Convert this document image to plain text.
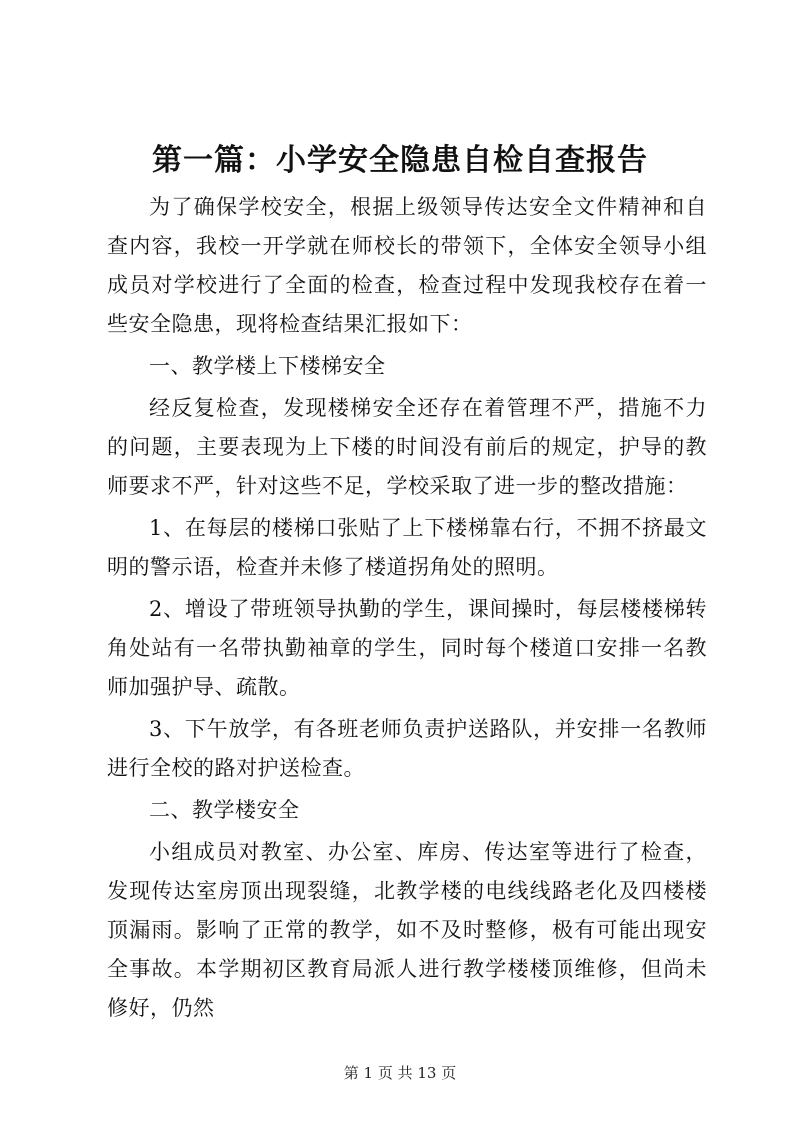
第一篇：小学安全隐患自检自查报告

为了确保学校安全，根据上级领导传达安全文件精神和自查内容，我校一开学就在师校长的带领下，全体安全领导小组成员对学校进行了全面的检查，检查过程中发现我校存在着一些安全隐患，现将检查结果汇报如下：

一、教学楼上下楼梯安全

经反复检查，发现楼梯安全还存在着管理不严，措施不力的问题，主要表现为上下楼的时间没有前后的规定，护导的教师要求不严，针对这些不足，学校采取了进一步的整改措施：

1、在每层的楼梯口张贴了上下楼梯靠右行，不拥不挤最文明的警示语，检查并未修了楼道拐角处的照明。

2、增设了带班领导执勤的学生，课间操时，每层楼楼梯转角处站有一名带执勤袖章的学生，同时每个楼道口安排一名教师加强护导、疏散。

3、下午放学，有各班老师负责护送路队，并安排一名教师进行全校的路对护送检查。

二、教学楼安全

小组成员对教室、办公室、库房、传达室等进行了检查，发现传达室房顶出现裂缝，北教学楼的电线线路老化及四楼楼顶漏雨。影响了正常的教学，如不及时整修，极有可能出现安全事故。本学期初区教育局派人进行教学楼楼顶维修，但尚未修好，仍然

第 1 页 共 13 页
